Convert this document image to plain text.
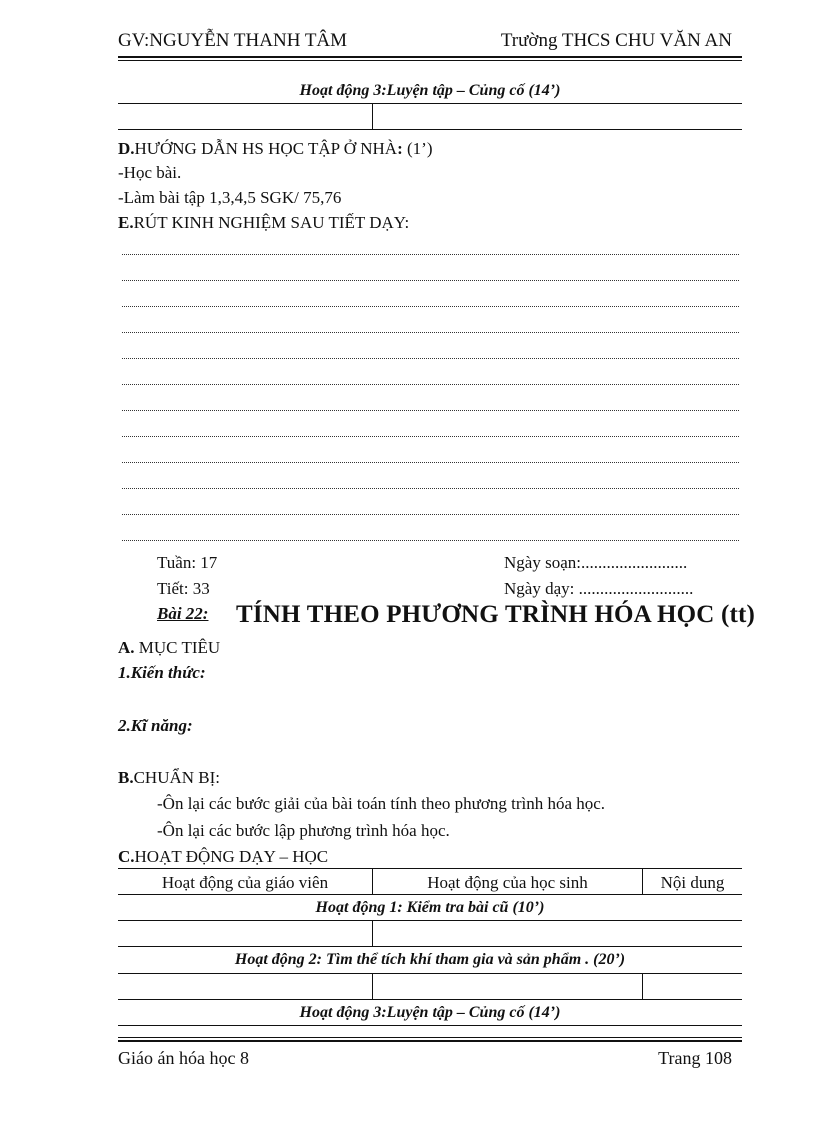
GV:NGUYỄN THANH TÂM	Trường THCS CHU VĂN AN
Hoạt động 3:Luyện tập – Củng cố (14’)
D.HƯỚNG DẪN HS HỌC TẬP Ở NHÀ: (1’)
-Học bài.
-Làm bài tập 1,3,4,5 SGK/ 75,76
E.RÚT KINH NGHIỆM SAU TIẾT DẠY:
Tuần: 17	Ngày soạn:.........................
Tiết: 33	Ngày dạy: ...........................
Bài 22: TÍNH THEO PHƯƠNG TRÌNH HÓA HỌC (tt)
A. MỤC TIÊU
1.Kiến thức:
2.Kĩ năng:
B.CHUẨN BỊ:
-Ôn lại các bước giải của bài toán tính theo phương trình hóa học.
-Ôn lại các bước lập phương trình hóa học.
C.HOẠT ĐỘNG DẠY – HỌC
Hoạt động của giáo viên	Hoạt động của học sinh	Nội dung
Hoạt động 1: Kiểm tra bài cũ (10’)
Hoạt động 2: Tìm thể tích khí tham gia và sản phẩm . (20’)
Hoạt động 3:Luyện tập – Củng cố (14’)
Giáo án hóa học 8	Trang 108
